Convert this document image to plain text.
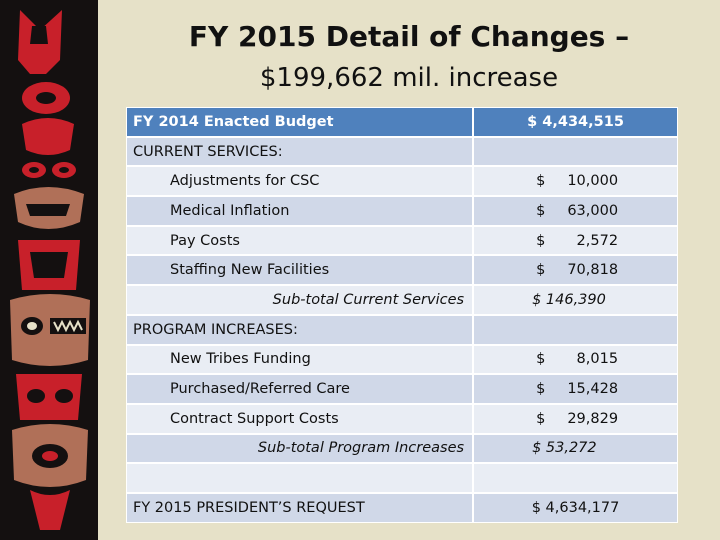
FY 2015 Detail of Changes –
$199,662 mil. increase
FY 2014 Enacted Budget	$ 4,434,515

CURRENT SERVICES:	

Adjustments for CSC	$ 10,000

Medical Inflation	$ 63,000

Pay Costs	$ 2,572

Staffing New Facilities	$ 70,818

Sub-total Current Services	$ 146,390

PROGRAM INCREASES:	

New Tribes Funding	$ 8,015

Purchased/Referred Care	$ 15,428

Contract Support Costs	$ 29,829

Sub-total Program Increases	$ 53,272

FY 2015 PRESIDENT’S REQUEST	$ 4,634,177
